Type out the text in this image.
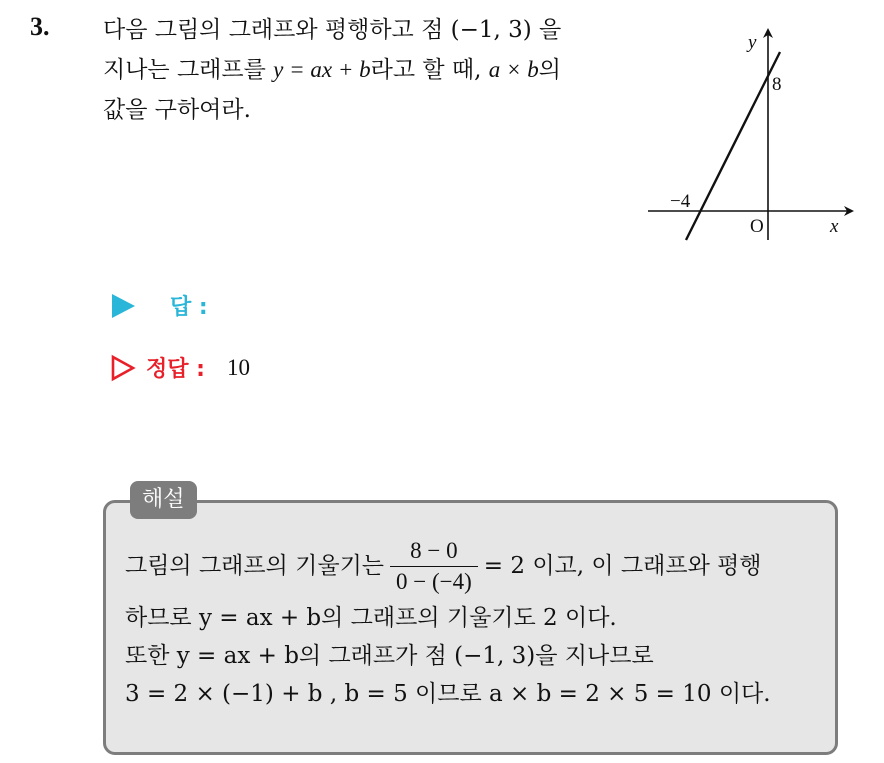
3. 다음 그림의 그래프와 평행하고 점 (−1, 3) 을
지나는 그래프를 y = ax + b라고 할 때, a × b의
값을 구하여라.
y
x
O
8
−4
답 :
정답 : 10
해설
그림의 그래프의 기울기는 $\frac{8 - 0}{0 - (-4)} = 2$ 이고, 이 그래프와 평행
하므로 y = ax + b의 그래프의 기울기도 2 이다.
또한 y = ax + b의 그래프가 점 (−1, 3)을 지나므로
3 = 2 × (−1) + b , b = 5 이므로 a × b = 2 × 5 = 10 이다.
